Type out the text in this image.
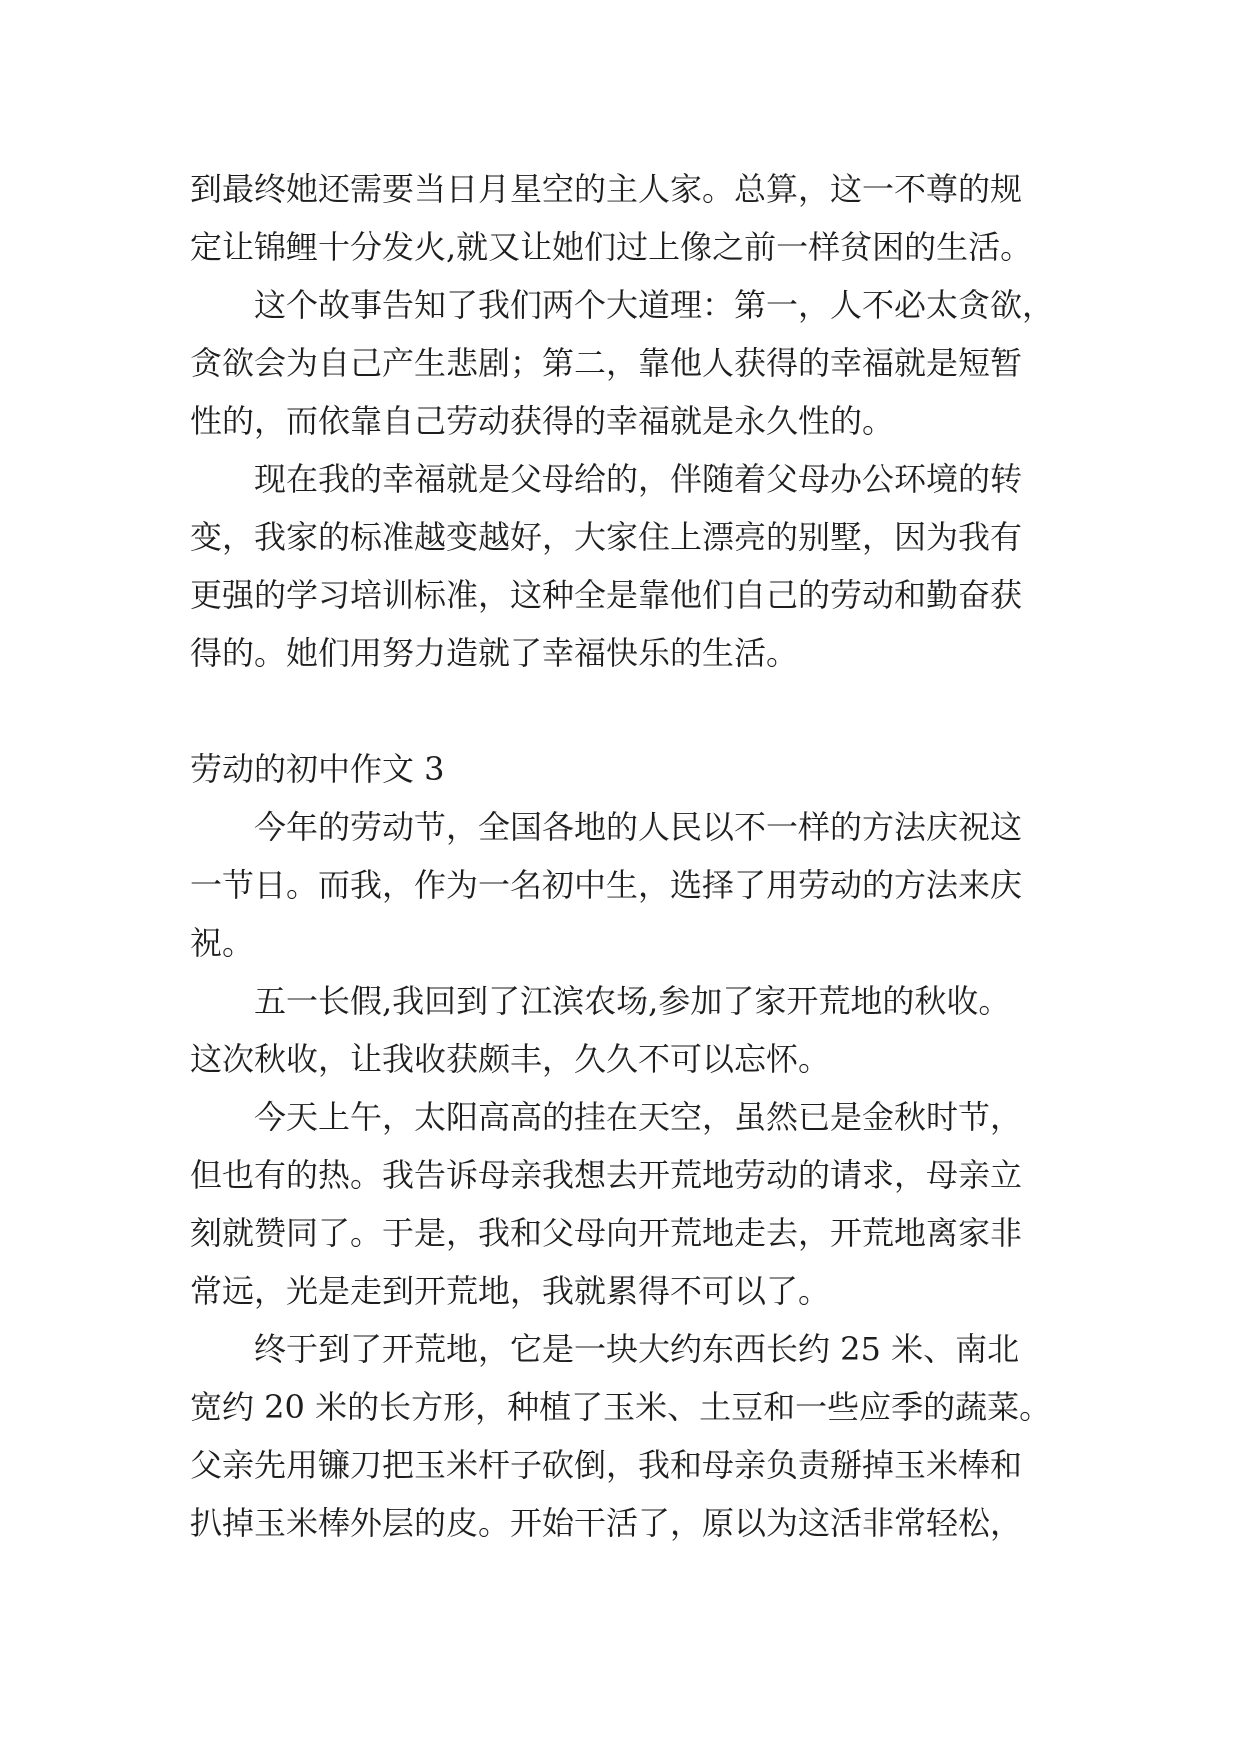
到最终她还需要当日月星空的主人家。总算，这一不尊的规
定让锦鲤十分发火,就又让她们过上像之前一样贫困的生活。
这个故事告知了我们两个大道理：第一，人不必太贪欲，
贪欲会为自己产生悲剧；第二，靠他人获得的幸福就是短暂
性的，而依靠自己劳动获得的幸福就是永久性的。
现在我的幸福就是父母给的，伴随着父母办公环境的转
变，我家的标准越变越好，大家住上漂亮的别墅，因为我有
更强的学习培训标准，这种全是靠他们自己的劳动和勤奋获
得的。她们用努力造就了幸福快乐的生活。
劳动的初中作文 3
今年的劳动节，全国各地的人民以不一样的方法庆祝这
一节日。而我，作为一名初中生，选择了用劳动的方法来庆
祝。
五一长假,我回到了江滨农场,参加了家开荒地的秋收。
这次秋收，让我收获颇丰，久久不可以忘怀。
今天上午，太阳高高的挂在天空，虽然已是金秋时节，
但也有的热。我告诉母亲我想去开荒地劳动的请求，母亲立
刻就赞同了。于是，我和父母向开荒地走去，开荒地离家非
常远，光是走到开荒地，我就累得不可以了。
终于到了开荒地，它是一块大约东西长约 25 米、南北
宽约 20 米的长方形，种植了玉米、土豆和一些应季的蔬菜。
父亲先用镰刀把玉米杆子砍倒，我和母亲负责掰掉玉米棒和
扒掉玉米棒外层的皮。开始干活了，原以为这活非常轻松，
